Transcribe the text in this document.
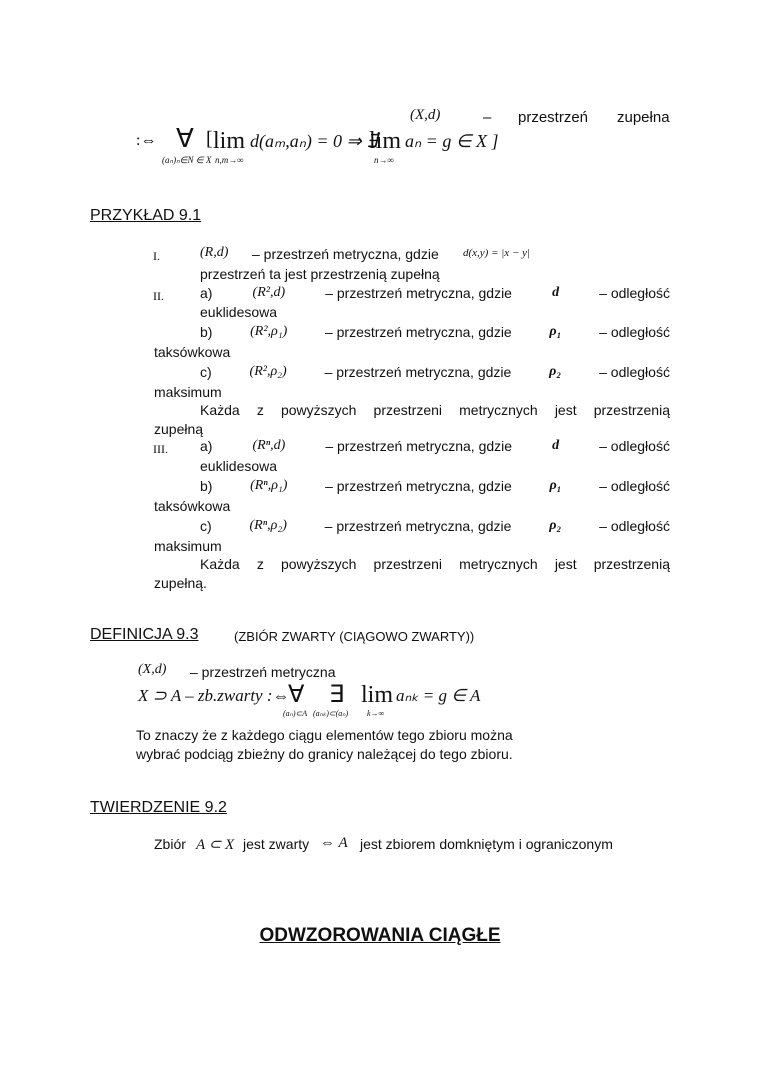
(X,d)	– przestrzeń zupełna
:⇔ ∀
(aₙ)ₙ∈N ∈ X
[ lim
n,m→∞
d(aₘ,aₙ) = 0 ⇒ ∃
lim
n→∞
aₙ = g ∈ X ]
PRZYKŁAD 9.1
I.	(R,d) – przestrzeń metryczna, gdzie d(x,y) = |x − y|
przestrzeń ta jest przestrzenią zupełną
II.	a)	(R²,d)	– przestrzeń metryczna, gdzie	d	– odległość
euklidesowa
b)	(R²,ρ₁)	– przestrzeń metryczna, gdzie	ρ₁	– odległość
taksówkowa
c)	(R²,ρ₂)	– przestrzeń metryczna, gdzie	ρ₂	– odległość
maksimum
Każda z powyższych przestrzeni metrycznych jest przestrzenią
zupełną
III. a)	(Rⁿ,d)	– przestrzeń metryczna, gdzie	d	– odległość
euklidesowa
b)	(Rⁿ,ρ₁)	– przestrzeń metryczna, gdzie	ρ₁	– odległość
taksówkowa
c)	(Rⁿ,ρ₂)	– przestrzeń metryczna, gdzie	ρ₂	– odległość
maksimum
Każda z powyższych przestrzeni metrycznych jest przestrzenią
zupełną.
DEFINICJA 9.3	(ZBIÓR ZWARTY (CIĄGOWO ZWARTY))
(X,d) – przestrzeń metryczna
X ⊃ A – zb.zwarty :⇔
∀
(aₙ)⊂A
∃
(aₙₖ)⊂(aₙ)
lim
k→∞
aₙₖ = g ∈ A
To znaczy że z każdego ciągu elementów tego zbioru można
wybrać podciąg zbieżny do granicy należącej do tego zbioru.
TWIERDZENIE 9.2
Zbiór A ⊂ X jest zwarty ⇔ A jest zbiorem domkniętym i ograniczonym
ODWZOROWANIA CIĄGŁE
